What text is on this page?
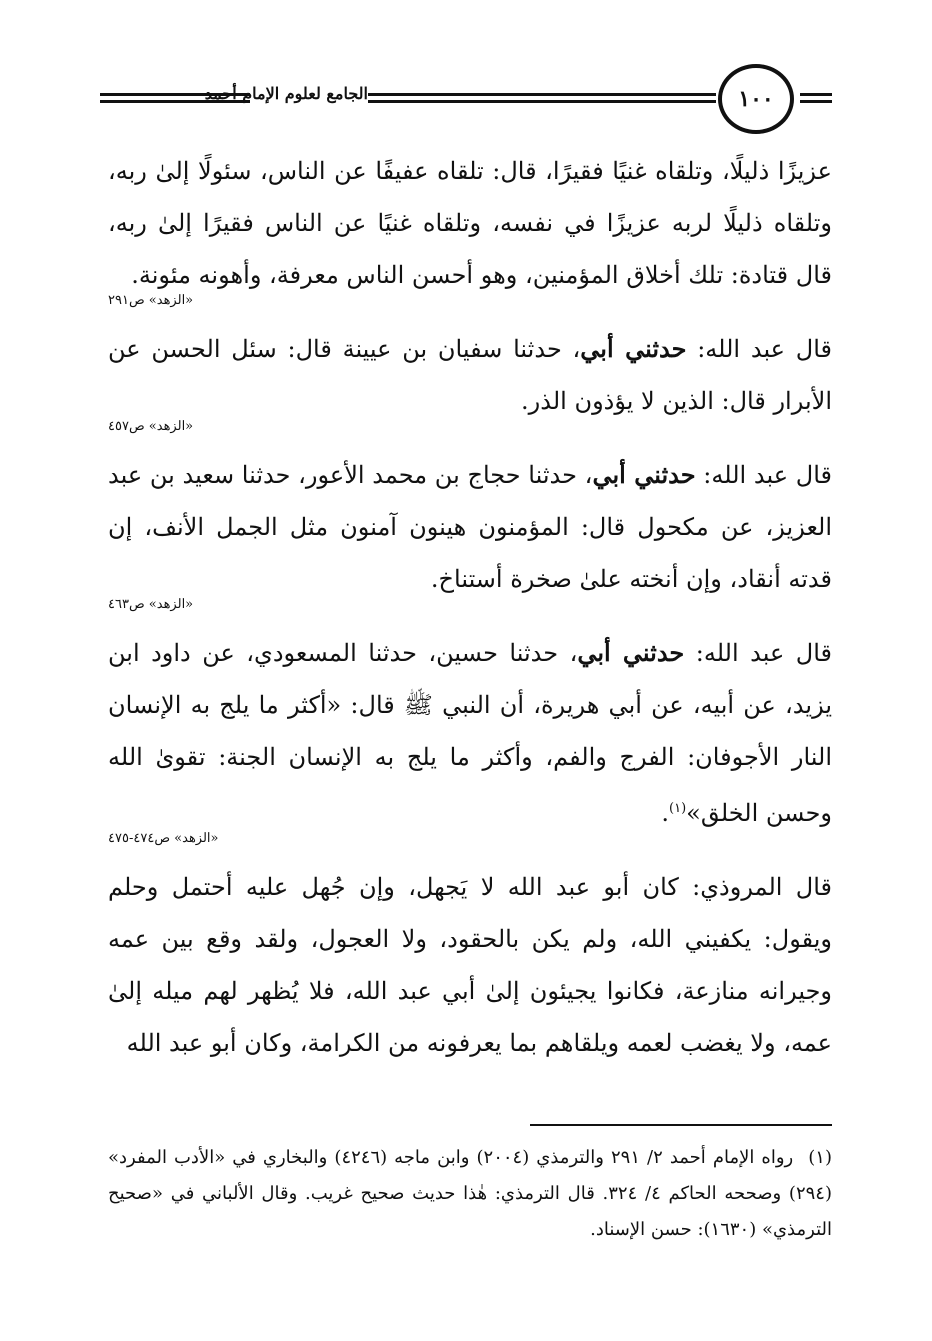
الجامع لعلوم الإمام أحمد	١٠٠

عزيزًا ذليلًا، وتلقاه غنيًا فقيرًا، قال: تلقاه عفيفًا عن الناس، سئولًا إلىٰ ربه، وتلقاه ذليلًا لربه عزيزًا في نفسه، وتلقاه غنيًا عن الناس فقيرًا إلىٰ ربه، قال قتادة: تلك أخلاق المؤمنين، وهو أحسن الناس معرفة، وأهونه مئونة.
«الزهد» ص٢٩١

قال عبد الله: حدثني أبي، حدثنا سفيان بن عيينة قال: سئل الحسن عن الأبرار قال: الذين لا يؤذون الذر.
«الزهد» ص٤٥٧

قال عبد الله: حدثني أبي، حدثنا حجاج بن محمد الأعور، حدثنا سعيد بن عبد العزيز، عن مكحول قال: المؤمنون هينون آمنون مثل الجمل الأنف، إن قدته أنقاد، وإن أنخته علىٰ صخرة أستناخ.
«الزهد» ص٤٦٣

قال عبد الله: حدثني أبي، حدثنا حسين، حدثنا المسعودي، عن داود ابن يزيد، عن أبيه، عن أبي هريرة، أن النبي ﷺ قال: «أكثر ما يلج به الإنسان النار الأجوفان: الفرج والفم، وأكثر ما يلج به الإنسان الجنة: تقوىٰ الله وحسن الخلق»$^{(١)}$.
«الزهد» ص٤٧٤-٤٧٥

قال المروذي: كان أبو عبد الله لا يَجهل، وإن جُهل عليه أحتمل وحلم ويقول: يكفيني الله، ولم يكن بالحقود، ولا العجول، ولقد وقع بين عمه وجيرانه منازعة، فكانوا يجيئون إلىٰ أبي عبد الله، فلا يُظهر لهم ميله إلىٰ عمه، ولا يغضب لعمه ويلقاهم بما يعرفونه من الكرامة، وكان أبو عبد الله

(١) رواه الإمام أحمد ٢/ ٢٩١ والترمذي (٢٠٠٤) وابن ماجه (٤٢٤٦) والبخاري في «الأدب المفرد» (٢٩٤) وصححه الحاكم ٤/ ٣٢٤. قال الترمذي: هٰذا حديث صحيح غريب. وقال الألباني في «صحيح الترمذي» (١٦٣٠): حسن الإسناد.
